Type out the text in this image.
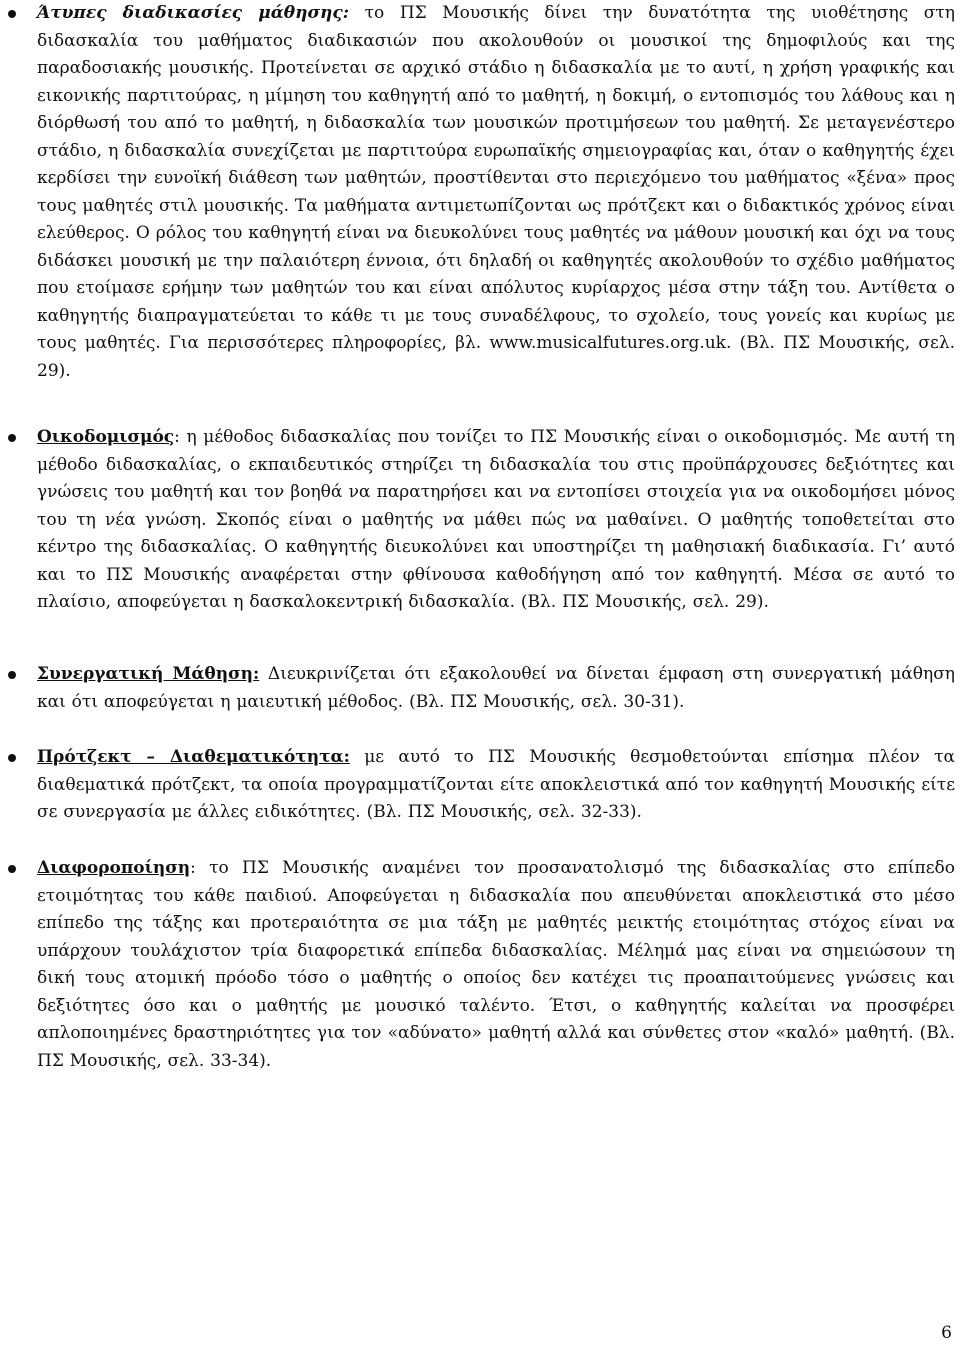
Άτυπες διαδικασίες μάθησης: το ΠΣ Μουσικής δίνει την δυνατότητα της υιοθέτησης στη διδασκαλία του μαθήματος διαδικασιών που ακολουθούν οι μουσικοί της δημοφιλούς και της παραδοσιακής μουσικής. Προτείνεται σε αρχικό στάδιο η διδασκαλία με το αυτί, η χρήση γραφικής και εικονικής παρτιτούρας, η μίμηση του καθηγητή από το μαθητή, η δοκιμή, ο εντοπισμός του λάθους και η διόρθωσή του από το μαθητή, η διδασκαλία των μουσικών προτιμήσεων του μαθητή. Σε μεταγενέστερο στάδιο, η διδασκαλία συνεχίζεται με παρτιτούρα ευρωπαϊκής σημειογραφίας και, όταν ο καθηγητής έχει κερδίσει την ευνοϊκή διάθεση των μαθητών, προστίθενται στο περιεχόμενο του μαθήματος «ξένα» προς τους μαθητές στιλ μουσικής. Τα μαθήματα αντιμετωπίζονται ως πρότζεκτ και ο διδακτικός χρόνος είναι ελεύθερος. Ο ρόλος του καθηγητή είναι να διευκολύνει τους μαθητές να μάθουν μουσική και όχι να τους διδάσκει μουσική με την παλαιότερη έννοια, ότι δηλαδή οι καθηγητές ακολουθούν το σχέδιο μαθήματος που ετοίμασε ερήμην των μαθητών του και είναι απόλυτος κυρίαρχος μέσα στην τάξη του. Αντίθετα ο καθηγητής διαπραγματεύεται το κάθε τι με τους συναδέλφους, το σχολείο, τους γονείς και κυρίως με τους μαθητές. Για περισσότερες πληροφορίες, βλ. www.musicalfutures.org.uk. (Βλ. ΠΣ Μουσικής, σελ. 29).
Οικοδομισμός: η μέθοδος διδασκαλίας που τονίζει το ΠΣ Μουσικής είναι ο οικοδομισμός. Με αυτή τη μέθοδο διδασκαλίας, ο εκπαιδευτικός στηρίζει τη διδασκαλία του στις προϋπάρχουσες δεξιότητες και γνώσεις του μαθητή και τον βοηθά να παρατηρήσει και να εντοπίσει στοιχεία για να οικοδομήσει μόνος του τη νέα γνώση. Σκοπός είναι ο μαθητής να μάθει πώς να μαθαίνει. Ο μαθητής τοποθετείται στο κέντρο της διδασκαλίας. Ο καθηγητής διευκολύνει και υποστηρίζει τη μαθησιακή διαδικασία. Γι’ αυτό και το ΠΣ Μουσικής αναφέρεται στην φθίνουσα καθοδήγηση από τον καθηγητή. Μέσα σε αυτό το πλαίσιο, αποφεύγεται η δασκαλοκεντρική διδασκαλία. (Βλ. ΠΣ Μουσικής, σελ. 29).
Συνεργατική Μάθηση: Διευκρινίζεται ότι εξακολουθεί να δίνεται έμφαση στη συνεργατική μάθηση και ότι αποφεύγεται η μαιευτική μέθοδος. (Βλ. ΠΣ Μουσικής, σελ. 30-31).
Πρότζεκτ – Διαθεματικότητα: με αυτό το ΠΣ Μουσικής θεσμοθετούνται επίσημα πλέον τα διαθεματικά πρότζεκτ, τα οποία προγραμματίζονται είτε αποκλειστικά από τον καθηγητή Μουσικής είτε σε συνεργασία με άλλες ειδικότητες. (Βλ. ΠΣ Μουσικής, σελ. 32-33).
Διαφοροποίηση: το ΠΣ Μουσικής αναμένει τον προσανατολισμό της διδασκαλίας στο επίπεδο ετοιμότητας του κάθε παιδιού. Αποφεύγεται η διδασκαλία που απευθύνεται αποκλειστικά στο μέσο επίπεδο της τάξης και προτεραιότητα σε μια τάξη με μαθητές μεικτής ετοιμότητας στόχος είναι να υπάρχουν τουλάχιστον τρία διαφορετικά επίπεδα διδασκαλίας. Μέλημά μας είναι να σημειώσουν τη δική τους ατομική πρόοδο τόσο ο μαθητής ο οποίος δεν κατέχει τις προαπαιτούμενες γνώσεις και δεξιότητες όσο και ο μαθητής με μουσικό ταλέντο. Έτσι, ο καθηγητής καλείται να προσφέρει απλοποιημένες δραστηριότητες για τον «αδύνατο» μαθητή αλλά και σύνθετες στον «καλό» μαθητή. (Βλ. ΠΣ Μουσικής, σελ. 33-34).
6
